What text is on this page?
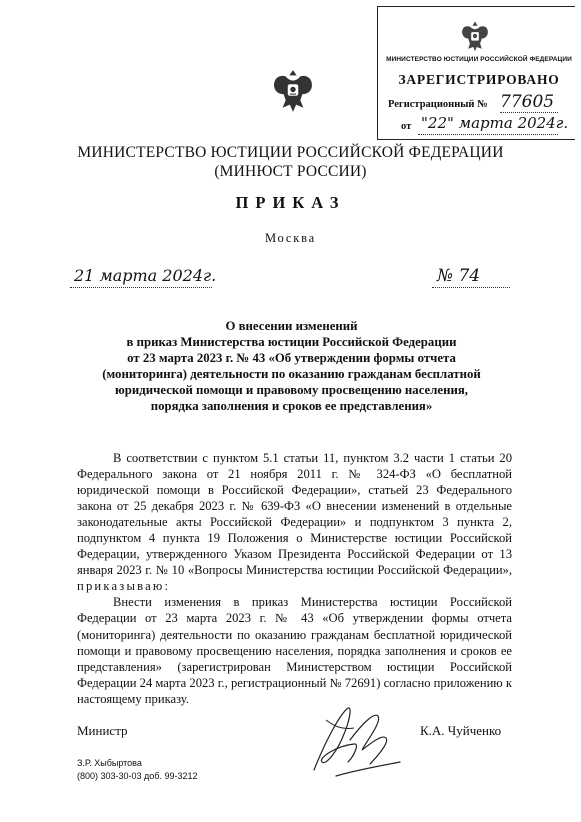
МИНИСТЕРСТВО ЮСТИЦИИ РОССИЙСКОЙ ФЕДЕРАЦИИ
ЗАРЕГИСТРИРОВАНО
Регистрационный № 77605
от "22" марта 2024г.
МИНИСТЕРСТВО ЮСТИЦИИ РОССИЙСКОЙ ФЕДЕРАЦИИ
(МИНЮСТ РОССИИ)
ПРИКАЗ
Москва
21 марта 2024г.	№ 74
О внесении изменений
в приказ Министерства юстиции Российской Федерации
от 23 марта 2023 г. № 43 «Об утверждении формы отчета
(мониторинга) деятельности по оказанию гражданам бесплатной
юридической помощи и правовому просвещению населения,
порядка заполнения и сроков ее представления»

В соответствии с пунктом 5.1 статьи 11, пунктом 3.2 части 1 статьи 20 Федерального закона от 21 ноября 2011 г. № 324-ФЗ «О бесплатной юридической помощи в Российской Федерации», статьей 23 Федерального закона от 25 декабря 2023 г. № 639-ФЗ «О внесении изменений в отдельные законодательные акты Российской Федерации» и подпунктом 3 пункта 2, подпунктом 4 пункта 19 Положения о Министерстве юстиции Российской Федерации, утвержденного Указом Президента Российской Федерации от 13 января 2023 г. № 10 «Вопросы Министерства юстиции Российской Федерации», приказываю:

Внести изменения в приказ Министерства юстиции Российской Федерации от 23 марта 2023 г. № 43 «Об утверждении формы отчета (мониторинга) деятельности по оказанию гражданам бесплатной юридической помощи и правовому просвещению населения, порядка заполнения и сроков ее представления» (зарегистрирован Министерством юстиции Российской Федерации 24 марта 2023 г., регистрационный № 72691) согласно приложению к настоящему приказу.

Министр	К.А. Чуйченко
З.Р. Хыбыртова
(800) 303-30-03 доб. 99-3212
